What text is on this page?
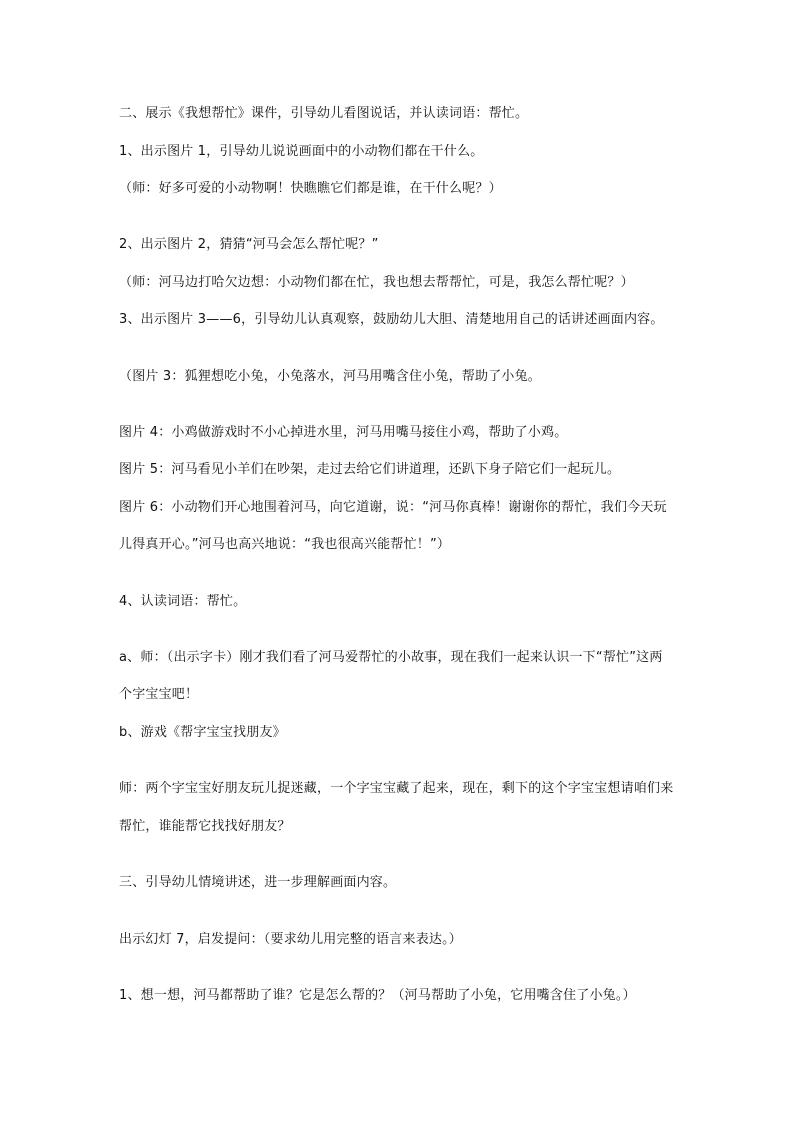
二、展示《我想帮忙》课件，引导幼儿看图说话，并认读词语：帮忙。
1、出示图片 1，引导幼儿说说画面中的小动物们都在干什么。
（师：好多可爱的小动物啊！快瞧瞧它们都是谁，在干什么呢？）
2、出示图片 2，猜猜“河马会怎么帮忙呢？”
（师：河马边打哈欠边想：小动物们都在忙，我也想去帮帮忙，可是，我怎么帮忙呢？）
3、出示图片 3——6，引导幼儿认真观察，鼓励幼儿大胆、清楚地用自己的话讲述画面内容。
（图片 3：狐狸想吃小兔，小兔落水，河马用嘴含住小兔，帮助了小兔。
图片 4：小鸡做游戏时不小心掉进水里，河马用嘴马接住小鸡，帮助了小鸡。
图片 5：河马看见小羊们在吵架，走过去给它们讲道理，还趴下身子陪它们一起玩儿。
图片 6：小动物们开心地围着河马，向它道谢，说：“河马你真棒！谢谢你的帮忙，我们今天玩
儿得真开心。”河马也高兴地说：“我也很高兴能帮忙！”）
4、认读词语：帮忙。
a、师：（出示字卡）刚才我们看了河马爱帮忙的小故事，现在我们一起来认识一下“帮忙”这两
个字宝宝吧！
b、游戏《帮字宝宝找朋友》
师：两个字宝宝好朋友玩儿捉迷藏，一个字宝宝藏了起来，现在，剩下的这个字宝宝想请咱们来
帮忙，谁能帮它找找好朋友？
三、引导幼儿情境讲述，进一步理解画面内容。
出示幻灯 7，启发提问：（要求幼儿用完整的语言来表达。）
1、想一想，河马都帮助了谁？它是怎么帮的？（河马帮助了小兔，它用嘴含住了小兔。）
